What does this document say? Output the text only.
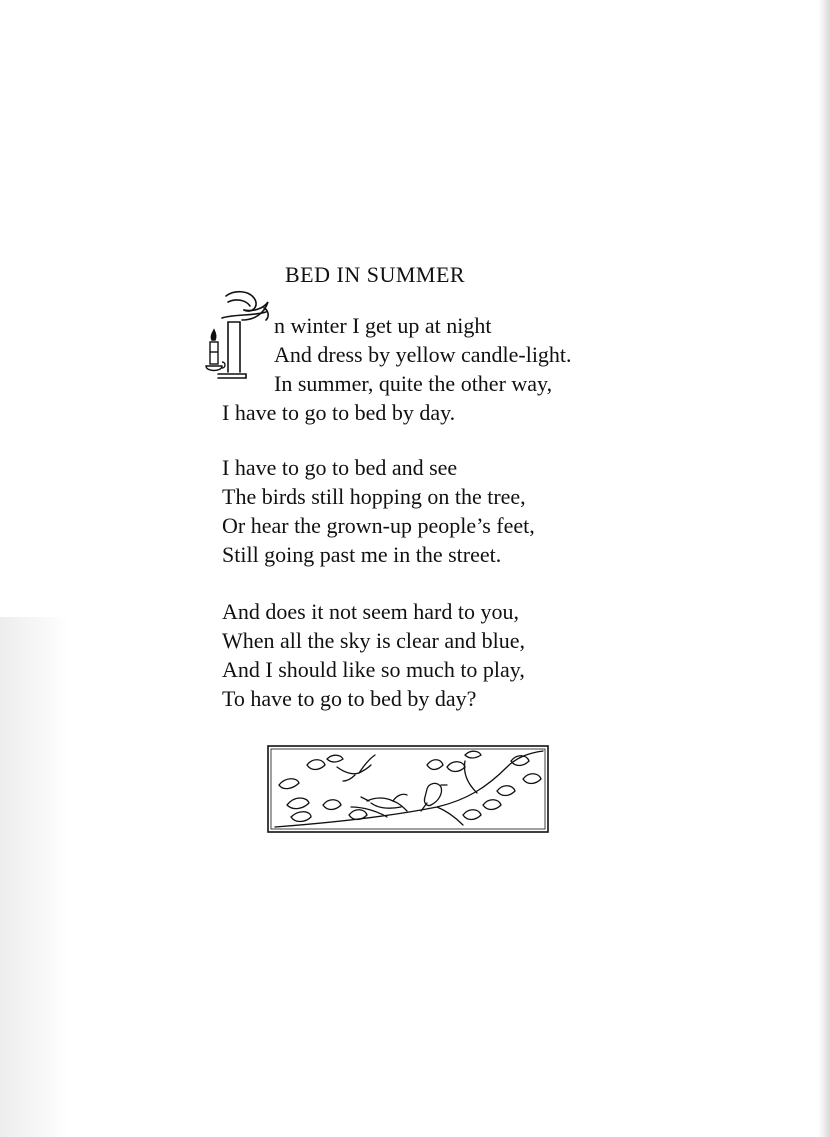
BED IN SUMMER
n winter I get up at night
And dress by yellow candle-light.
In summer, quite the other way,
I have to go to bed by day.
I have to go to bed and see
The birds still hopping on the tree,
Or hear the grown-up people’s feet,
Still going past me in the street.
And does it not seem hard to you,
When all the sky is clear and blue,
And I should like so much to play,
To have to go to bed by day?
